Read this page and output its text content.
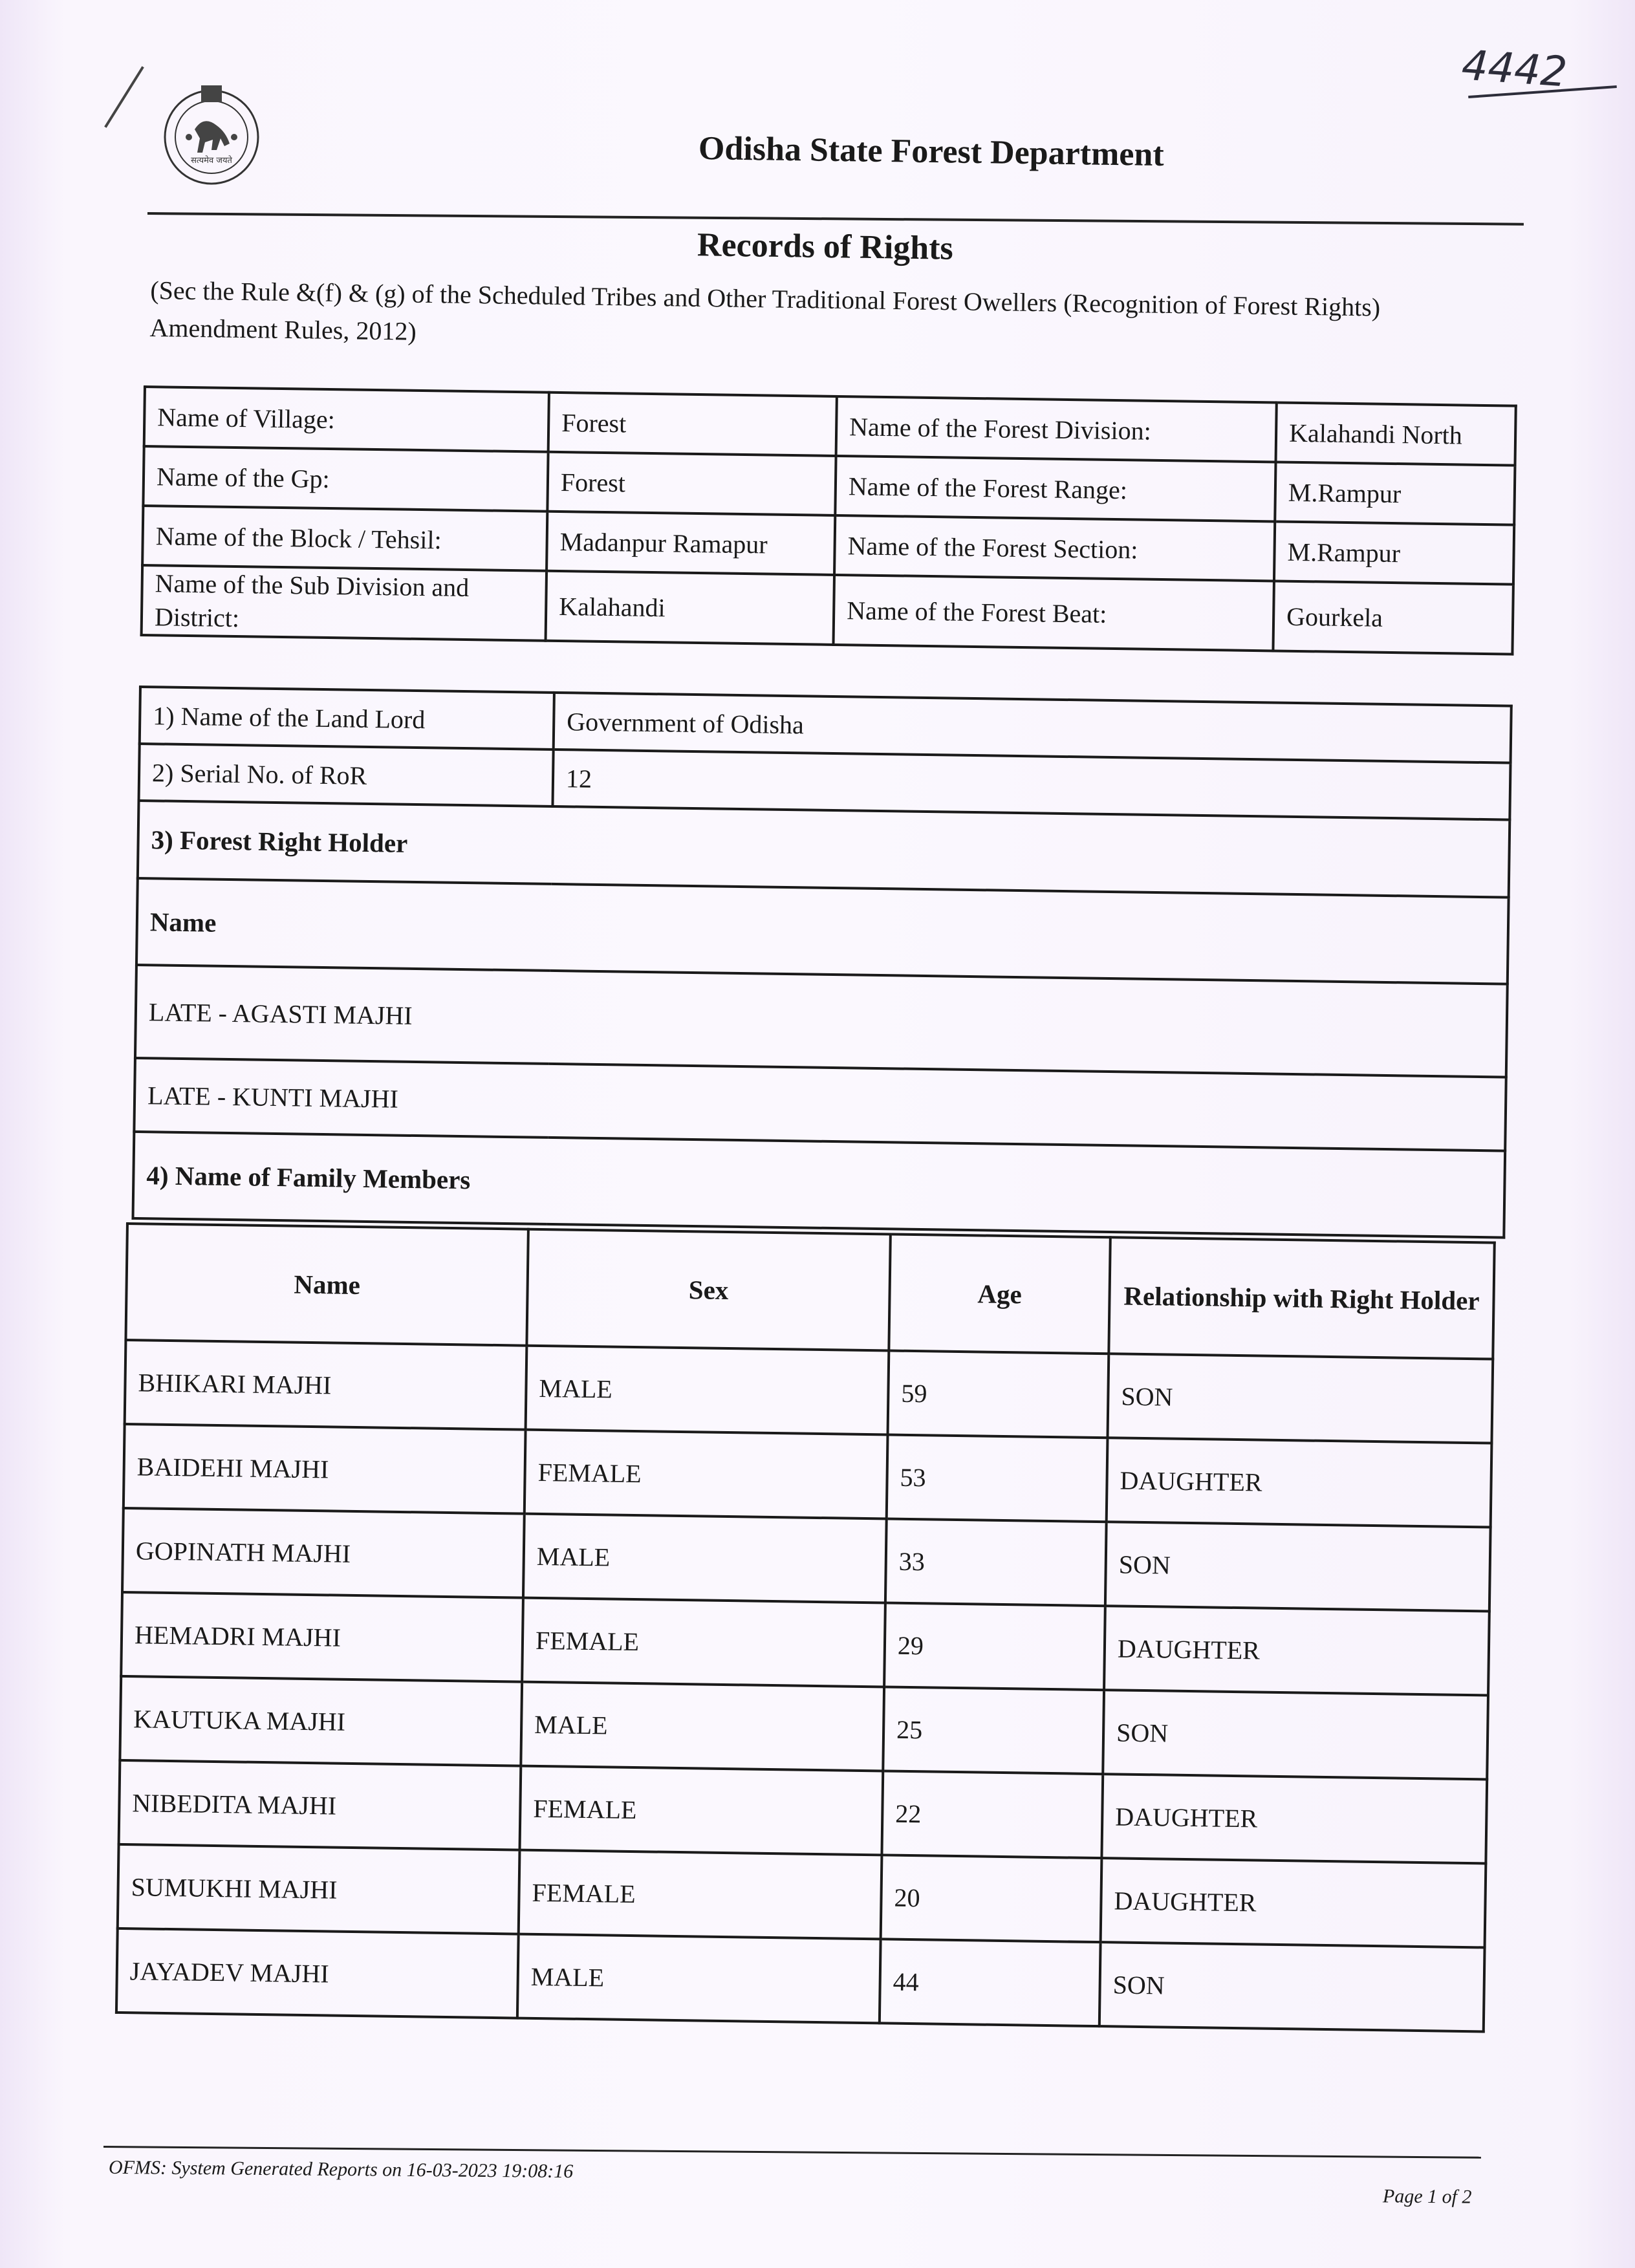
4442
सत्यमेव जयते	Odisha State Forest Department
Records of Rights
(Sec the Rule &(f) & (g) of the Scheduled Tribes and Other Traditional Forest Owellers (Recognition of Forest Rights) Amendment Rules, 2012)
Name of Village:	Forest	Name of the Forest Division:	Kalahandi North
Name of the Gp:	Forest	Name of the Forest Range:	M.Rampur
Name of the Block / Tehsil:	Madanpur Ramapur	Name of the Forest Section:	M.Rampur
Name of the Sub Division and District:	Kalahandi	Name of the Forest Beat:	Gourkela
1) Name of the Land Lord	Government of Odisha
2) Serial No. of RoR	12
3) Forest Right Holder	
Name	
LATE - AGASTI MAJHI	
LATE - KUNTI MAJHI	
4) Name of Family Members	
Name	Sex	Age	Relationship with Right Holder
BHIKARI MAJHI	MALE	59	SON
BAIDEHI MAJHI	FEMALE	53	DAUGHTER
GOPINATH MAJHI	MALE	33	SON
HEMADRI MAJHI	FEMALE	29	DAUGHTER
KAUTUKA MAJHI	MALE	25	SON
NIBEDITA MAJHI	FEMALE	22	DAUGHTER
SUMUKHI MAJHI	FEMALE	20	DAUGHTER
JAYADEV MAJHI	MALE	44	SON
OFMS: System Generated Reports on 16-03-2023 19:08:16
Page 1 of 2
